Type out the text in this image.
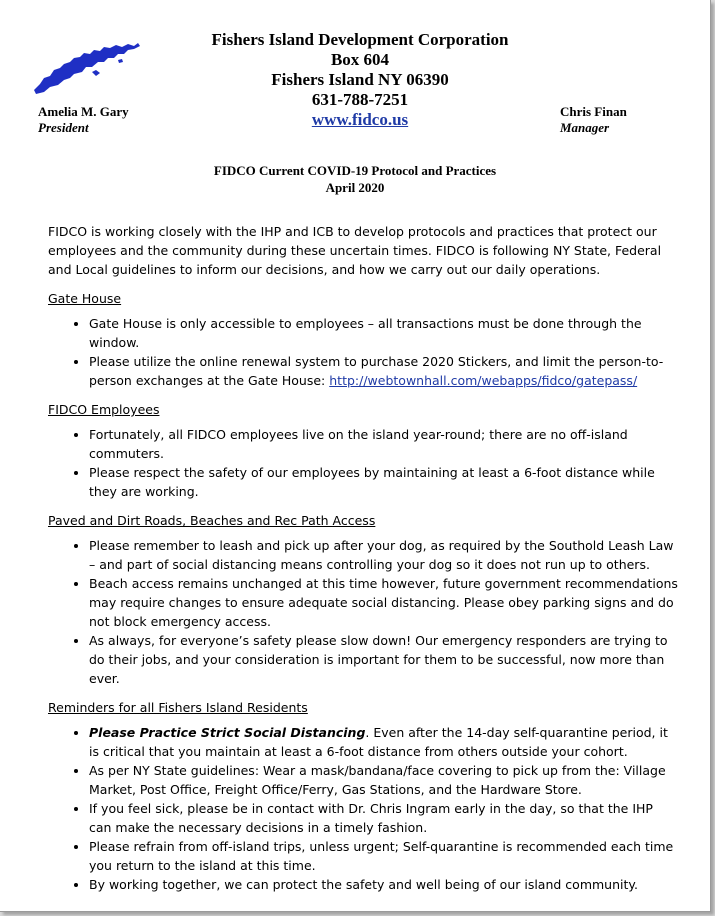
Fishers Island Development Corporation
Box 604
Fishers Island NY 06390
631-788-7251
www.fidco.us
Amelia M. Gary
President
Chris Finan
Manager
FIDCO Current COVID-19 Protocol and Practices
April 2020

FIDCO is working closely with the IHP and ICB to develop protocols and practices that protect our employees and the community during these uncertain times. FIDCO is following NY State, Federal and Local guidelines to inform our decisions, and how we carry out our daily operations.

Gate House
• Gate House is only accessible to employees – all transactions must be done through the window.
• Please utilize the online renewal system to purchase 2020 Stickers, and limit the person-to-person exchanges at the Gate House: http://webtownhall.com/webapps/fidco/gatepass/
FIDCO Employees
• Fortunately, all FIDCO employees live on the island year-round; there are no off-island commuters.
• Please respect the safety of our employees by maintaining at least a 6-foot distance while they are working.
Paved and Dirt Roads, Beaches and Rec Path Access
• Please remember to leash and pick up after your dog, as required by the Southold Leash Law – and part of social distancing means controlling your dog so it does not run up to others.
• Beach access remains unchanged at this time however, future government recommendations may require changes to ensure adequate social distancing. Please obey parking signs and do not block emergency access.
• As always, for everyone’s safety please slow down! Our emergency responders are trying to do their jobs, and your consideration is important for them to be successful, now more than ever.
Reminders for all Fishers Island Residents
• Please Practice Strict Social Distancing. Even after the 14-day self-quarantine period, it is critical that you maintain at least a 6-foot distance from others outside your cohort.
• As per NY State guidelines: Wear a mask/bandana/face covering to pick up from the: Village Market, Post Office, Freight Office/Ferry, Gas Stations, and the Hardware Store.
• If you feel sick, please be in contact with Dr. Chris Ingram early in the day, so that the IHP can make the necessary decisions in a timely fashion.
• Please refrain from off-island trips, unless urgent; Self-quarantine is recommended each time you return to the island at this time.
• By working together, we can protect the safety and well being of our island community.
